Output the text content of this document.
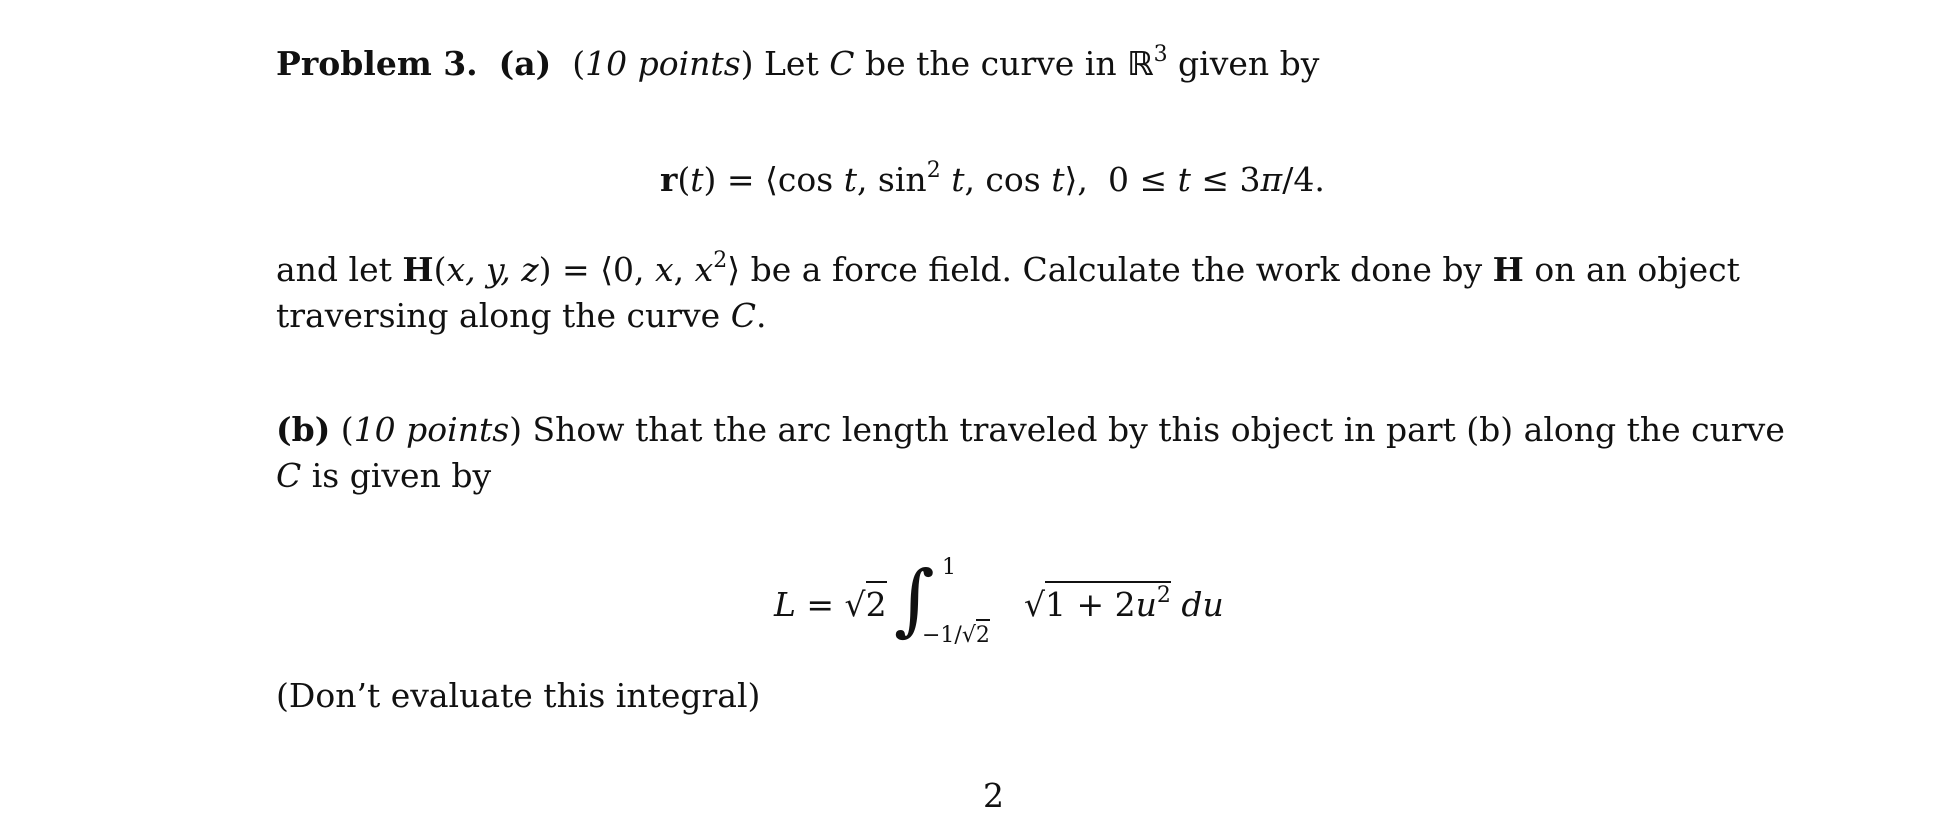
Problem 3. (a)  (10 points) Let C be the curve in ℝ$^3$ given by
r(t) = ⟨cos t, $\sin^2 t$, cos t⟩, 0 ≤ t ≤ 3π/4.
and let H(x, y, z) = ⟨0, x, $x^2⟩$ be a force field. Calculate the work done by H on an object
traversing along the curve C.
(b) (10 points) Show that the arc length traveled by this object in part (b) along the curve
C is given by
L = √2 ∫ 1
−1/√2
$√1 + 2u^2$ du
(Don’t evaluate this integral)
2
